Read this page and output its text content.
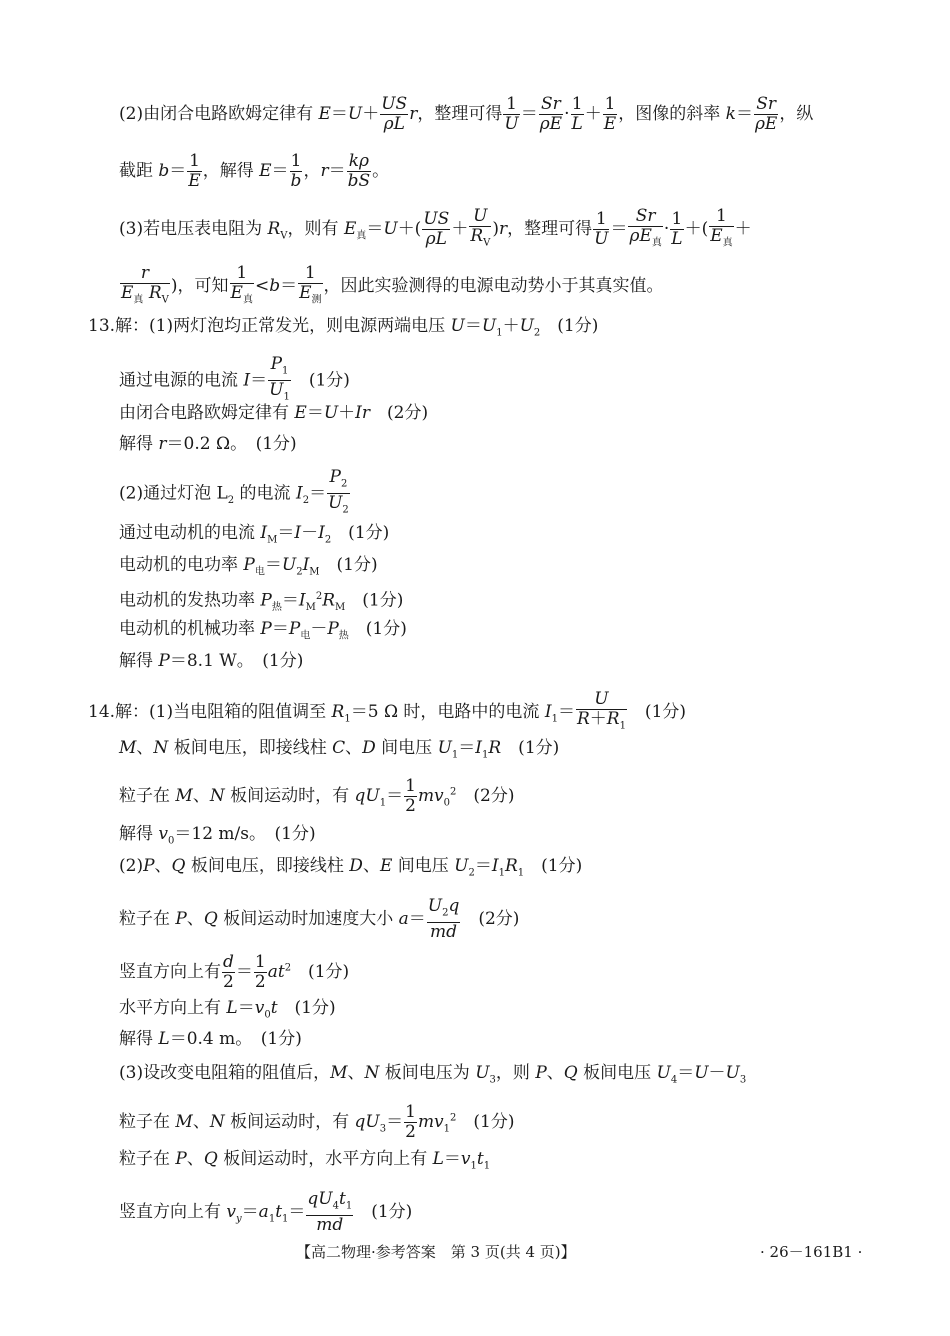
(2)由闭合电路欧姆定律有 $E=U+ \frac{US}{\rho L}$ r，整理可得 $\frac{1}{U} = \frac{Sr}{\rho E} \cdot \frac{1}{L} + \frac{1}{E}$ ，图像的斜率 $k= \frac{Sr}{\rho E}$ ，纵
截距 $b= \frac{1}{E}$ ，解得 $E= \frac{1}{b}$ ，$r= \frac{k\rho}{bS}$ 。
(3)若电压表电阻为 $R_V$，则有 $E_真=U+( \frac{US}{\rho L} + \frac{U}{R_V} )r$，整理可得 $\frac{1}{U} = \frac{Sr}{\rho E_真} \cdot \frac{1}{L}$ ＋( $\frac{1}{E_真}$ ＋
$\frac{r}{E_真 R_V}$ )，可知 $\frac{1}{E_真} <b= \frac{1}{E_测}$ ，因此实验测得的电源电动势小于其真实值。
13.解：(1)两灯泡均正常发光，则电源两端电压 $U=U_1+U_2$　(1分)
通过电源的电流 $I= \frac{P_1}{U_1}$ 　(1分)
由闭合电路欧姆定律有 E＝U＋Ir　(2分)
解得 r＝0.2 Ω。　(1分)
(2)通过灯泡 $L_2$ 的电流 $I_2= \frac{P_2}{U_2}$
通过电动机的电流 $I_M=I-I_2$　(1分)
电动机的电功率 $P_电=U_2I_M$　(1分)
电动机的发热功率 $P_热=I_M^2R_M$　(1分)
电动机的机械功率 $P=P_电-P_热$　(1分)
解得 P＝8.1 W。　(1分)
14.解：(1)当电阻箱的阻值调至 $R_1=5$ Ω 时，电路中的电流 $I_1= \frac{U}{R+R_1}$ 　(1分)
M、N 板间电压，即接线柱 C、D 间电压 $U_1=I_1R$　(1分)
粒子在 M、N 板间运动时，有 $qU_1= \frac{1}{2} mv_0^2$　(2分)
解得 $v_0=12$ m/s。　(1分)
(2)P、Q 板间电压，即接线柱 D、E 间电压 $U_2=I_1R_1$　(1分)
粒子在 P、Q 板间运动时加速度大小 $a= \frac{U_2q}{md}$ 　(2分)
竖直方向上有 $\frac{d}{2} = \frac{1}{2} at^2$　(1分)
水平方向上有 $L=v_0t$　(1分)
解得 L＝0.4 m。　(1分)
(3)设改变电阻箱的阻值后，M、N 板间电压为 $U_3$，则 P、Q 板间电压 $U_4=U-U_3$
粒子在 M、N 板间运动时，有 $qU_3= \frac{1}{2} mv_1^2$　(1分)
粒子在 P、Q 板间运动时，水平方向上有 $L=v_1t_1$
竖直方向上有 $v_y=a_1t_1= \frac{qU_4t_1}{md}$ 　(1分)
【高二物理·参考答案　第 3 页(共 4 页)】	· 26－161B1 ·
